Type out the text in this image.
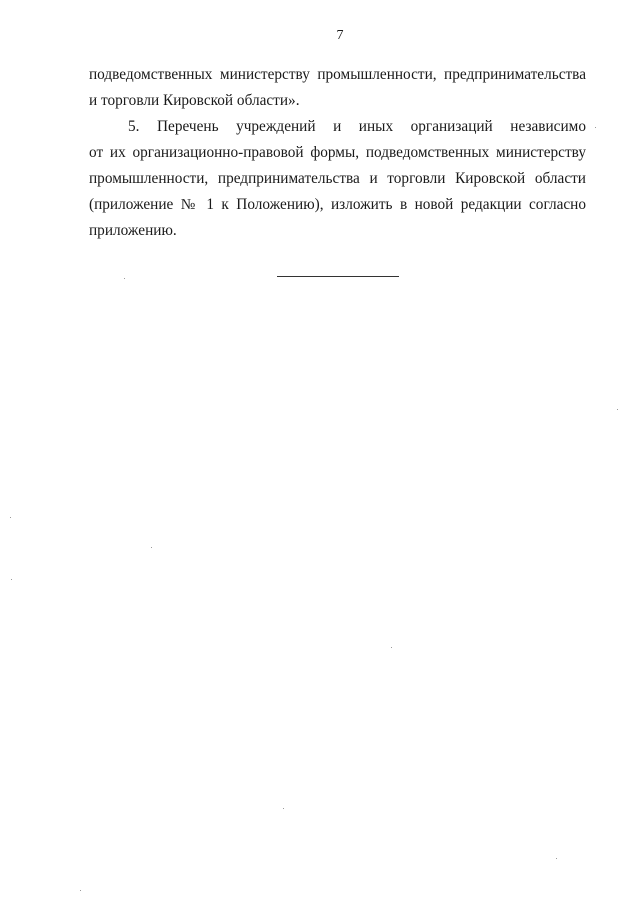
7

подведомственных министерству промышленности, предпринимательства
и торговли Кировской области».

5. Перечень учреждений и иных организаций независимо
от их организационно-правовой формы, подведомственных министерству
промышленности, предпринимательства и торговли Кировской области
(приложение № 1 к Положению), изложить в новой редакции согласно
приложению.
